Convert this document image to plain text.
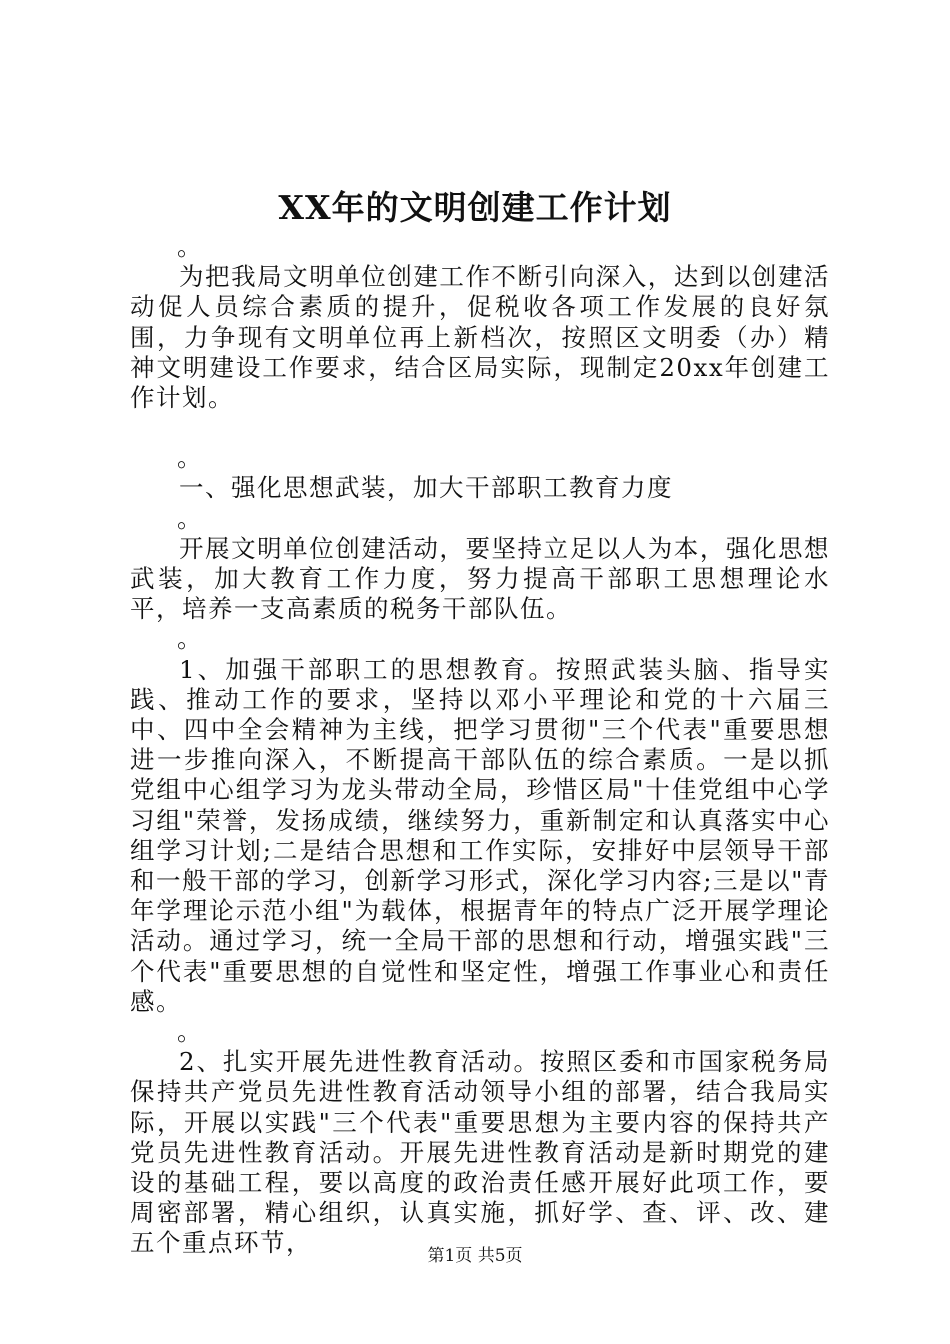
XX年的文明创建工作计划
。

为把我局文明单位创建工作不断引向深入，达到以创建活动促人员综合素质的提升，促税收各项工作发展的良好氛围，力争现有文明单位再上新档次，按照区文明委（办）精神文明建设工作要求，结合区局实际，现制定20xx年创建工作计划。

。

一、强化思想武装，加大干部职工教育力度

。

开展文明单位创建活动，要坚持立足以人为本，强化思想武装，加大教育工作力度，努力提高干部职工思想理论水平，培养一支高素质的税务干部队伍。

。

1、加强干部职工的思想教育。按照武装头脑、指导实践、推动工作的要求，坚持以邓小平理论和党的十六届三中、四中全会精神为主线，把学习贯彻"三个代表"重要思想进一步推向深入，不断提高干部队伍的综合素质。一是以抓党组中心组学习为龙头带动全局，珍惜区局"十佳党组中心学习组"荣誉，发扬成绩，继续努力，重新制定和认真落实中心组学习计划;二是结合思想和工作实际，安排好中层领导干部和一般干部的学习，创新学习形式，深化学习内容;三是以"青年学理论示范小组"为载体，根据青年的特点广泛开展学理论活动。通过学习，统一全局干部的思想和行动，增强实践"三个代表"重要思想的自觉性和坚定性，增强工作事业心和责任感。

。

2、扎实开展先进性教育活动。按照区委和市国家税务局保持共产党员先进性教育活动领导小组的部署，结合我局实际，开展以实践"三个代表"重要思想为主要内容的保持共产党员先进性教育活动。开展先进性教育活动是新时期党的建设的基础工程，要以高度的政治责任感开展好此项工作，要周密部署，精心组织，认真实施，抓好学、查、评、改、建五个重点环节，	第1页 共5页
